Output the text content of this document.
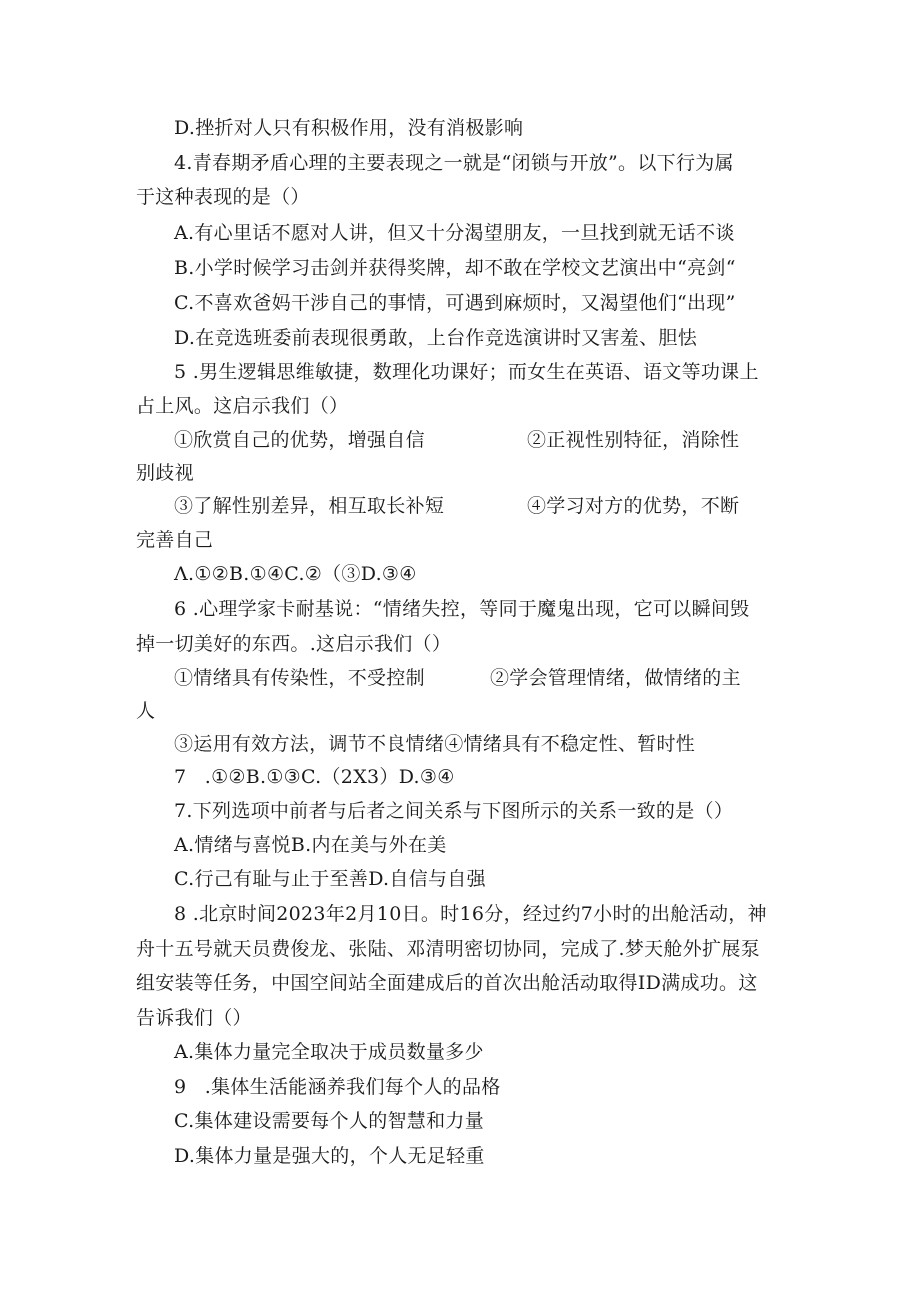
D.挫折对人只有积极作用，没有消极影响
4.青春期矛盾心理的主要表现之一就是“闭锁与开放”。以下行为属
于这种表现的是（）
A.有心里话不愿对人讲，但又十分渴望朋友，一旦找到就无话不谈
B.小学时候学习击剑并获得奖牌，却不敢在学校文艺演出中“亮剑“
C.不喜欢爸妈干涉自己的事情，可遇到麻烦时，又渴望他们“出现”
D.在竞选班委前表现很勇敢，上台作竞选演讲时又害羞、胆怯
5 .男生逻辑思维敏捷，数理化功课好；而女生在英语、语文等功课上
占上风。这启示我们（）
①欣赏自己的优势，增强自信	②正视性别特征，消除性
别歧视
③了解性别差异，相互取长补短	④学习对方的优势，不断
完善自己
Λ.①②B.①④C.②（③D.③④
6 .心理学家卡耐基说：“情绪失控，等同于魔鬼出现，它可以瞬间毁
掉一切美好的东西。.这启示我们（）
①情绪具有传染性，不受控制	②学会管理情绪，做情绪的主
人
③运用有效方法，调节不良情绪④情绪具有不稳定性、暂时性
7 .①②B.①③C.（2X3）D.③④
7.下列选项中前者与后者之间关系与下图所示的关系一致的是（）
A.情绪与喜悦B.内在美与外在美
C.行己有耻与止于至善D.自信与自强
8 .北京时间2023年2月10日。时16分，经过约7小时的出舱活动，神
舟十五号就天员费俊龙、张陆、邓清明密切协同，完成了.梦天舱外扩展泵
组安装等任务，中国空间站全面建成后的首次出舱活动取得ID满成功。这
告诉我们（）
A.集体力量完全取决于成员数量多少
9 .集体生活能涵养我们每个人的品格
C.集体建设需要每个人的智慧和力量
D.集体力量是强大的，个人无足轻重
